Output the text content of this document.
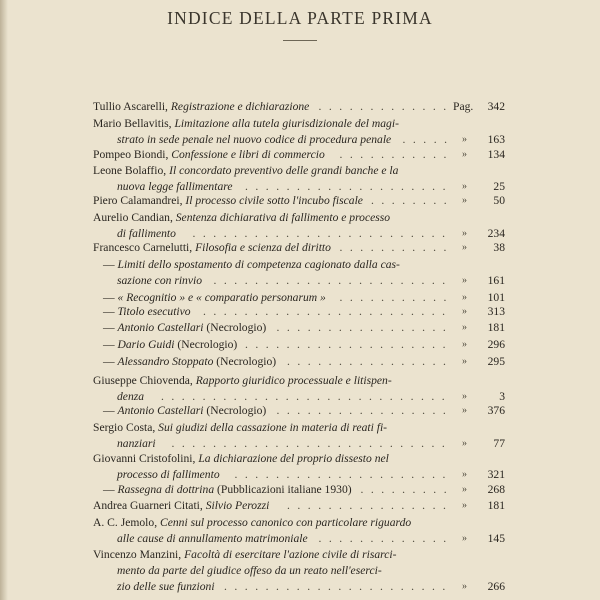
INDICE DELLA PARTE PRIMA
Tullio Ascarelli, Registrazione e dichiarazione ............. Pag. 342
Mario Bellavitis, Limitazione alla tutela giurisdizionale del magi-
strato in sede penale nel nuovo codice di procedura penale ..... » 163
Pompeo Biondi, Confessione e libri di commercio ........... » 134
Leone Bolaffio, Il concordato preventivo delle grandi banche e la
nuova legge fallimentare .................... » 25
Piero Calamandrei, Il processo civile sotto l'incubo fiscale ........ » 50
Aurelio Candian, Sentenza dichiarativa di fallimento e processo
di fallimento ......................... » 234
Francesco Carnelutti, Filosofia e scienza del diritto ........... » 38
— Limiti dello spostamento di competenza cagionato dalla cas-
sazione con rinvio ....................... » 161
— « Recognitio » e « comparatio personarum » ........... » 101
— Titolo esecutivo ........................ » 313
— Antonio Castellari (Necrologio) ................. » 181
— Dario Guidi (Necrologio) .................... » 296
— Alessandro Stoppato (Necrologio) ................ » 295
Giuseppe Chiovenda, Rapporto giuridico processuale e litispen-
denza ............................ »	3
— Antonio Castellari (Necrologio) ................. » 376
Sergio Costa, Sui giudizi della cassazione in materia di reati fi-
nanziari ........................... » 77
Giovanni Cristofolini, La dichiarazione del proprio dissesto nel
processo di fallimento ..................... » 321
— Rassegna di dottrina (Pubblicazioni italiane 1930) ......... » 268
Andrea Guarneri Citati, Silvio Perozzi ................ » 181
A. C. Jemolo, Cenni sul processo canonico con particolare riguardo
alle cause di annullamento matrimoniale ............. » 145
Vincenzo Manzini, Facoltà di esercitare l'azione civile di risarci-
mento da parte del giudice offeso da un reato nell'eserci-
zio delle sue funzioni ...................... » 266
